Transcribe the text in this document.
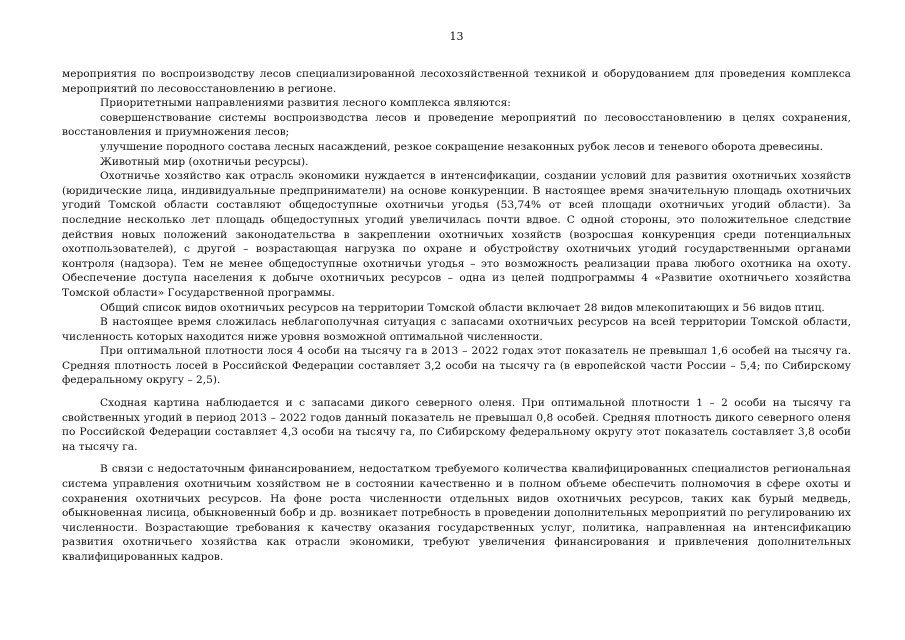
13

мероприятия по воспроизводству лесов специализированной лесохозяйственной техникой и оборудованием для проведения комплекса мероприятий по лесовосстановлению в регионе.

Приоритетными направлениями развития лесного комплекса являются:

совершенствование системы воспроизводства лесов и проведение мероприятий по лесовосстановлению в целях сохранения, восстановления и приумножения лесов;

улучшение породного состава лесных насаждений, резкое сокращение незаконных рубок лесов и теневого оборота древесины.

Животный мир (охотничьи ресурсы).

Охотничье хозяйство как отрасль экономики нуждается в интенсификации, создании условий для развития охотничьих хозяйств (юридические лица, индивидуальные предприниматели) на основе конкуренции. В настоящее время значительную площадь охотничьих угодий Томской области составляют общедоступные охотничьи угодья (53,74% от всей площади охотничьих угодий области). За последние несколько лет площадь общедоступных угодий увеличилась почти вдвое. С одной стороны, это положительное следствие действия новых положений законодательства в закреплении охотничьих хозяйств (возросшая конкуренция среди потенциальных охотпользователей), с другой – возрастающая нагрузка по охране и обустройству охотничьих угодий государственными органами контроля (надзора). Тем не менее общедоступные охотничьи угодья – это возможность реализации права любого охотника на охоту. Обеспечение доступа населения к добыче охотничьих ресурсов – одна из целей подпрограммы 4 «Развитие охотничьего хозяйства Томской области» Государственной программы.

Общий список видов охотничьих ресурсов на территории Томской области включает 28 видов млекопитающих и 56 видов птиц.

В настоящее время сложилась неблагополучная ситуация с запасами охотничьих ресурсов на всей территории Томской области, численность которых находится ниже уровня возможной оптимальной численности.

При оптимальной плотности лося 4 особи на тысячу га в 2013 – 2022 годах этот показатель не превышал 1,6 особей на тысячу га. Средняя плотность лосей в Российской Федерации составляет 3,2 особи на тысячу га (в европейской части России – 5,4; по Сибирскому федеральному округу – 2,5).

Сходная картина наблюдается и с запасами дикого северного оленя. При оптимальной плотности 1 – 2 особи на тысячу га свойственных угодий в период 2013 – 2022 годов данный показатель не превышал 0,8 особей. Средняя плотность дикого северного оленя по Российской Федерации составляет 4,3 особи на тысячу га, по Сибирскому федеральному округу этот показатель составляет 3,8 особи на тысячу га.

В связи с недостаточным финансированием, недостатком требуемого количества квалифицированных специалистов региональная система управления охотничьим хозяйством не в состоянии качественно и в полном объеме обеспечить полномочия в сфере охоты и сохранения охотничьих ресурсов. На фоне роста численности отдельных видов охотничьих ресурсов, таких как бурый медведь, обыкновенная лисица, обыкновенный бобр и др. возникает потребность в проведении дополнительных мероприятий по регулированию их численности. Возрастающие требования к качеству оказания государственных услуг, политика, направленная на интенсификацию развития охотничьего хозяйства как отрасли экономики, требуют увеличения финансирования и привлечения дополнительных квалифицированных кадров.
